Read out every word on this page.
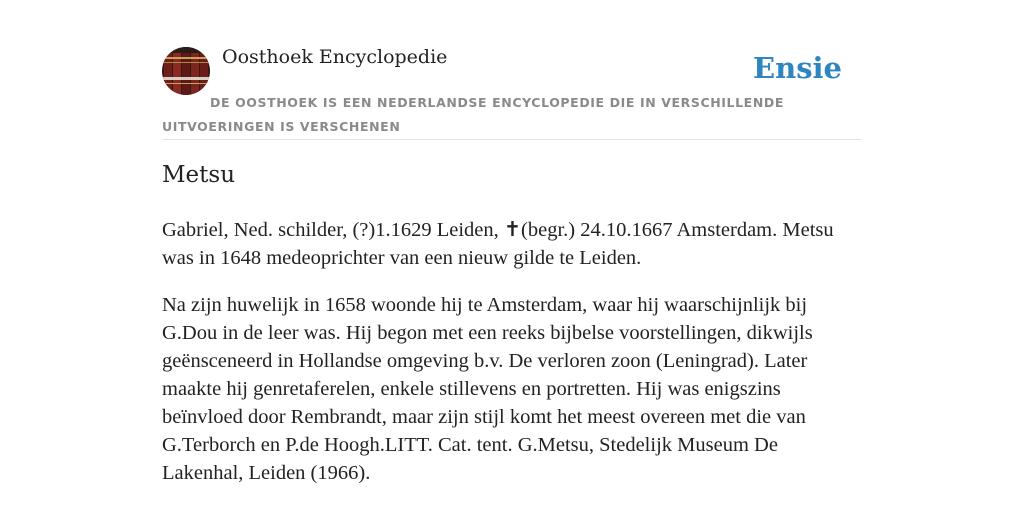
Oosthoek Encyclopedie	Ensie
DE OOSTHOEK IS EEN NEDERLANDSE ENCYCLOPEDIE DIE IN VERSCHILLENDE UITVOERINGEN IS VERSCHENEN
Metsu

Gabriel, Ned. schilder, (?)1.1629 Leiden, ✝(begr.) 24.10.1667 Amsterdam. Metsu was in 1648 medeoprichter van een nieuw gilde te Leiden.

Na zijn huwelijk in 1658 woonde hij te Amsterdam, waar hij waarschijnlijk bij G.Dou in de leer was. Hij begon met een reeks bijbelse voorstellingen, dikwijls geënsceneerd in Hollandse omgeving b.v. De verloren zoon (Leningrad). Later maakte hij genretaferelen, enkele stillevens en portretten. Hij was enigszins beïnvloed door Rembrandt, maar zijn stijl komt het meest overeen met die van G.Terborch en P.de Hoogh.LITT. Cat. tent. G.Metsu, Stedelijk Museum De Lakenhal, Leiden (1966).
